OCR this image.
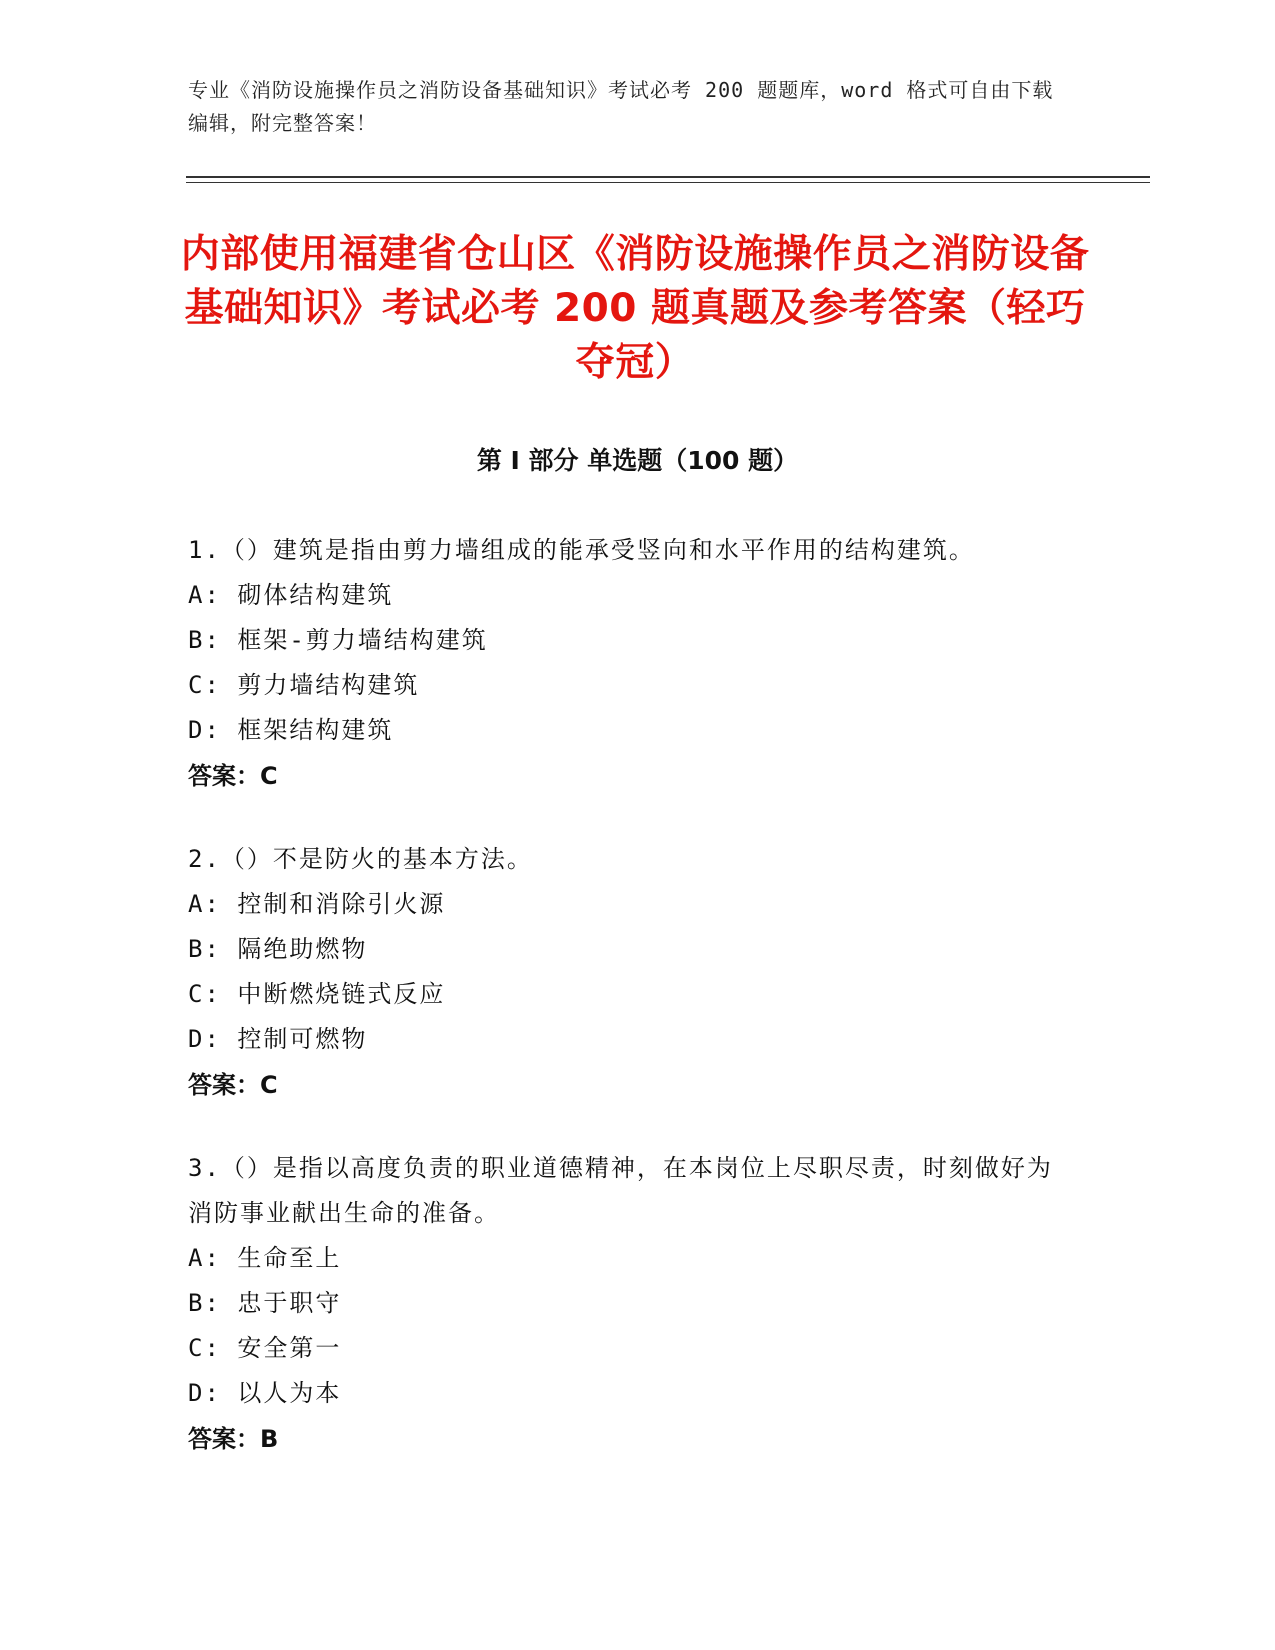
专业《消防设施操作员之消防设备基础知识》考试必考 200 题题库，word 格式可自由下载编辑，附完整答案！
内部使用福建省仓山区《消防设施操作员之消防设备基础知识》考试必考 200 题真题及参考答案（轻巧夺冠）
第 I 部分 单选题（100 题）
1.（）建筑是指由剪力墙组成的能承受竖向和水平作用的结构建筑。
A: 砌体结构建筑
B: 框架-剪力墙结构建筑
C: 剪力墙结构建筑
D: 框架结构建筑
答案：C
2.（）不是防火的基本方法。
A: 控制和消除引火源
B: 隔绝助燃物
C: 中断燃烧链式反应
D: 控制可燃物
答案：C
3.（）是指以高度负责的职业道德精神，在本岗位上尽职尽责，时刻做好为消防事业献出生命的准备。
A: 生命至上
B: 忠于职守
C: 安全第一
D: 以人为本
答案：B
